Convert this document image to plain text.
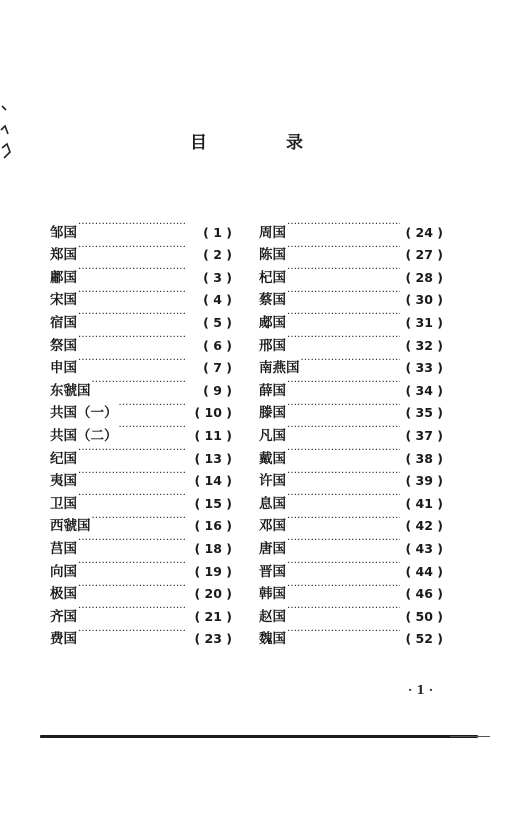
目	录
邹国 ·····	( 1 )
郑国 ·····	( 2 )
鄘国 ·····	( 3 )
宋国 ·····	( 4 )
宿国 ·····	( 5 )
祭国 ·····	( 6 )
申国 ·····	( 7 )
东虢国 ·····	( 9 )
共国（一） ·····	( 10 )
共国（二） ·····	( 11 )
纪国 ·····	( 13 )
夷国 ·····	( 14 )
卫国 ·····	( 15 )
西虢国 ·····	( 16 )
莒国 ·····	( 18 )
向国 ·····	( 19 )
极国 ·····	( 20 )
齐国 ·····	( 21 )
费国 ·····	( 23 )
周国 ·····	( 24 )
陈国 ·····	( 27 )
杞国 ·····	( 28 )
蔡国 ·····	( 30 )
郕国 ·····	( 31 )
邢国 ·····	( 32 )
南燕国 ·····	( 33 )
薛国 ·····	( 34 )
滕国 ·····	( 35 )
凡国 ·····	( 37 )
戴国 ·····	( 38 )
许国 ·····	( 39 )
息国 ·····	( 41 )
邓国 ·····	( 42 )
唐国 ·····	( 43 )
晋国 ·····	( 44 )
韩国 ·····	( 46 )
赵国 ·····	( 50 )
魏国 ·····	( 52 )
· 1 ·
